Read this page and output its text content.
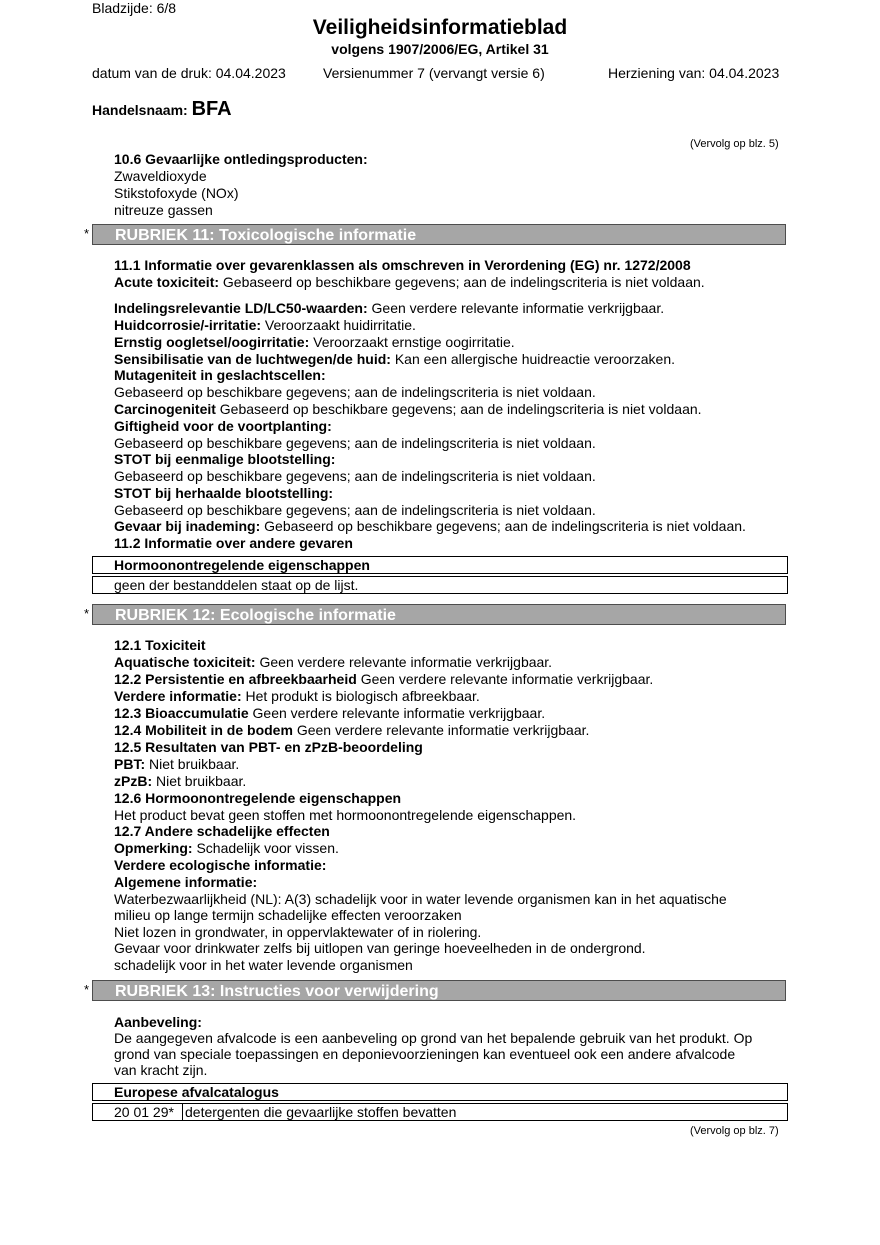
Bladzijde: 6/8
Veiligheidsinformatieblad
volgens 1907/2006/EG, Artikel 31
datum van de druk: 04.04.2023	Versienummer 7 (vervangt versie 6)	Herziening van: 04.04.2023
Handelsnaam: BFA
(Vervolg op blz. 5)
10.6 Gevaarlijke ontledingsproducten:
Zwaveldioxyde
Stikstofoxyde (NOx)
nitreuze gassen
*	RUBRIEK 11: Toxicologische informatie
11.1 Informatie over gevarenklassen als omschreven in Verordening (EG) nr. 1272/2008
Acute toxiciteit: Gebaseerd op beschikbare gegevens; aan de indelingscriteria is niet voldaan.
Indelingsrelevantie LD/LC50-waarden: Geen verdere relevante informatie verkrijgbaar.
Huidcorrosie/-irritatie: Veroorzaakt huidirritatie.
Ernstig oogletsel/oogirritatie: Veroorzaakt ernstige oogirritatie.
Sensibilisatie van de luchtwegen/de huid: Kan een allergische huidreactie veroorzaken.
Mutageniteit in geslachtscellen:
Gebaseerd op beschikbare gegevens; aan de indelingscriteria is niet voldaan.
Carcinogeniteit Gebaseerd op beschikbare gegevens; aan de indelingscriteria is niet voldaan.
Giftigheid voor de voortplanting:
Gebaseerd op beschikbare gegevens; aan de indelingscriteria is niet voldaan.
STOT bij eenmalige blootstelling:
Gebaseerd op beschikbare gegevens; aan de indelingscriteria is niet voldaan.
STOT bij herhaalde blootstelling:
Gebaseerd op beschikbare gegevens; aan de indelingscriteria is niet voldaan.
Gevaar bij inademing: Gebaseerd op beschikbare gegevens; aan de indelingscriteria is niet voldaan.
11.2 Informatie over andere gevaren
Hormoonontregelende eigenschappen
geen der bestanddelen staat op de lijst.
*	RUBRIEK 12: Ecologische informatie
12.1 Toxiciteit
Aquatische toxiciteit: Geen verdere relevante informatie verkrijgbaar.
12.2 Persistentie en afbreekbaarheid Geen verdere relevante informatie verkrijgbaar.
Verdere informatie: Het produkt is biologisch afbreekbaar.
12.3 Bioaccumulatie Geen verdere relevante informatie verkrijgbaar.
12.4 Mobiliteit in de bodem Geen verdere relevante informatie verkrijgbaar.
12.5 Resultaten van PBT- en zPzB-beoordeling
PBT: Niet bruikbaar.
zPzB: Niet bruikbaar.
12.6 Hormoonontregelende eigenschappen
Het product bevat geen stoffen met hormoonontregelende eigenschappen.
12.7 Andere schadelijke effecten
Opmerking: Schadelijk voor vissen.
Verdere ecologische informatie:
Algemene informatie:
Waterbezwaarlijkheid (NL): A(3) schadelijk voor in water levende organismen kan in het aquatische
milieu op lange termijn schadelijke effecten veroorzaken
Niet lozen in grondwater, in oppervlaktewater of in riolering.
Gevaar voor drinkwater zelfs bij uitlopen van geringe hoeveelheden in de ondergrond.
schadelijk voor in het water levende organismen
*	RUBRIEK 13: Instructies voor verwijdering
Aanbeveling:
De aangegeven afvalcode is een aanbeveling op grond van het bepalende gebruik van het produkt. Op
grond van speciale toepassingen en deponievoorzieningen kan eventueel ook een andere afvalcode
van kracht zijn.
Europese afvalcatalogus
20 01 29* detergenten die gevaarlijke stoffen bevatten
(Vervolg op blz. 7)
